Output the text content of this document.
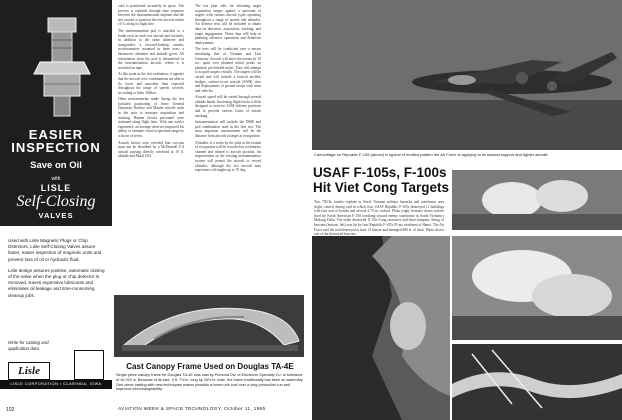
EASIER INSPECTION
Save on Oil
with
LISLE
Self-Closing
VALVES

Used with Lisle Magnetic Plugs or Chip Detectors, Lisle Self-Closing Valves assure faster, easier inspection of magnetic units and prevent loss of oil or hydraulic fluid.

Lisle design assures positive, automatic closing of the valve when the plug or chip detector is removed. Saves expensive lubricants and eliminates oil leakage and time-consuming cleanup jobs.

Write for catalog and application data.
Lisle
LISLE CORPORATION • CLARINDA, IOWA

craft is positioned accurately in space. The process is repeated through time sequence between the instrumentation airplane and the test aircraft to position the test aircraft within 10 ft. along its flight line.

The instrumentation pod is attached to a bomb rack on each test aircraft and includes, in addition to the radar altimeter and transponder, a forward-looking camera, accelerometers mounted in three axes, a barometric altimeter and attitude gyros. All information from the pod is telemetered to the instrumentation aircraft, where it is recorded on tape.

At this point in the test evaluation, it appears that the aircraft crew combinations are able to fly lower and smoother than expected throughout the range of speeds covered, according to Adm. Walker.

Other measurements made during the test included positioning of Army General Dynamics Redeye and Mauler missile units in the area to measure acquisition and tracking. Human factors personnel were stationed along flight lines. With one week's experience, an average observer improved his ability to estimate visual acquisition range by a factor of seven.

Assault factors tests revealed that cut-outs must not be disturbed by a McDonnell F-4 aircraft passing directly overhead at 10 ft. altitude and Mach 0.82.

The test plan calls for obtaining target acquisition ranges against a spectrum of targets with various aircraft types operating throughout a range of speeds and altitudes. Air defense tests will be included to obtain data on detection, acquisition, tracking, and target engagement. These data will help in planning offensive operations and defensive deployments.

The tests will be conducted over a terrain simulating that of Vietnam and East Germany. Aircraft will enter the terrain by 10 sec. apart over planned initial points on planned, pre-briefed tracks. They will attempt to acquire targets visually. The targets will be varied and will include a tactical airfield, bridges, surface-to-air missile (SAM) sites and deployments of ground troops with arms and vehicles.

Aircraft speed will be varied through several altitude bands. Increasing flight tracks will be designed to exercise SAM defense positions and to provide various forms of terrain masking.

Instrumentation will include the DME and pod combination used in the first test. The most important measurement will be the distance from aircraft to target at recognition.

Altitudes of a sortie by the pilot at the instant of recognition will be recorded on a telemetry channel and related to aircraft position. An improvement on the existing instrumentation system will permit the aircraft to record altitudes, although the test aircraft may experience roll angles up to 70 deg.

Cast Canopy Frame Used on Douglas TA-4E
Single-piece canopy frame for Douglas TA-4E was cast by Pomona Div. of Electronic Specialty Co. to tolerance of ±0.020 in. Because of its size, 9 ft. 7¾ in. long by 26½ in. wide, the frame traditionally has been an assembly. One-piece casting with new techniques makes possible a lower unit cost over a long production run and improves interchangeability.
Camouflage on Republic F-105 (above) is typical of mottled pattern the Air Force is applying to its tactical support and fighter aircraft.
USAF F-105s, F-100s
Hit Viet Cong Targets

Two 750-lb. bombs explode in North Vietnam military barracks and warehouse area (right, center) during raid in which four USAF Republic F-105s destroyed 11 buildings with four tons of bombs and several 2.75-in. rockets. Photo (right, bottom) shows rockets fired by North American F-100 streaking toward enemy warehouse in South Vietnam's Mekong Delta. The strike destroyed 11 Viet Cong structures and three sampans. String of beacons (bottom, left) was hit by four Republic F-105s 95 mi. northeast of Hanoi. The Air Force said the raid destroyed at least 12 houses and damaged 400 ft. of track. Photo shows one of the destroyed beacons.

102	AVIATION WEEK & SPACE TECHNOLOGY, October 11, 1965
